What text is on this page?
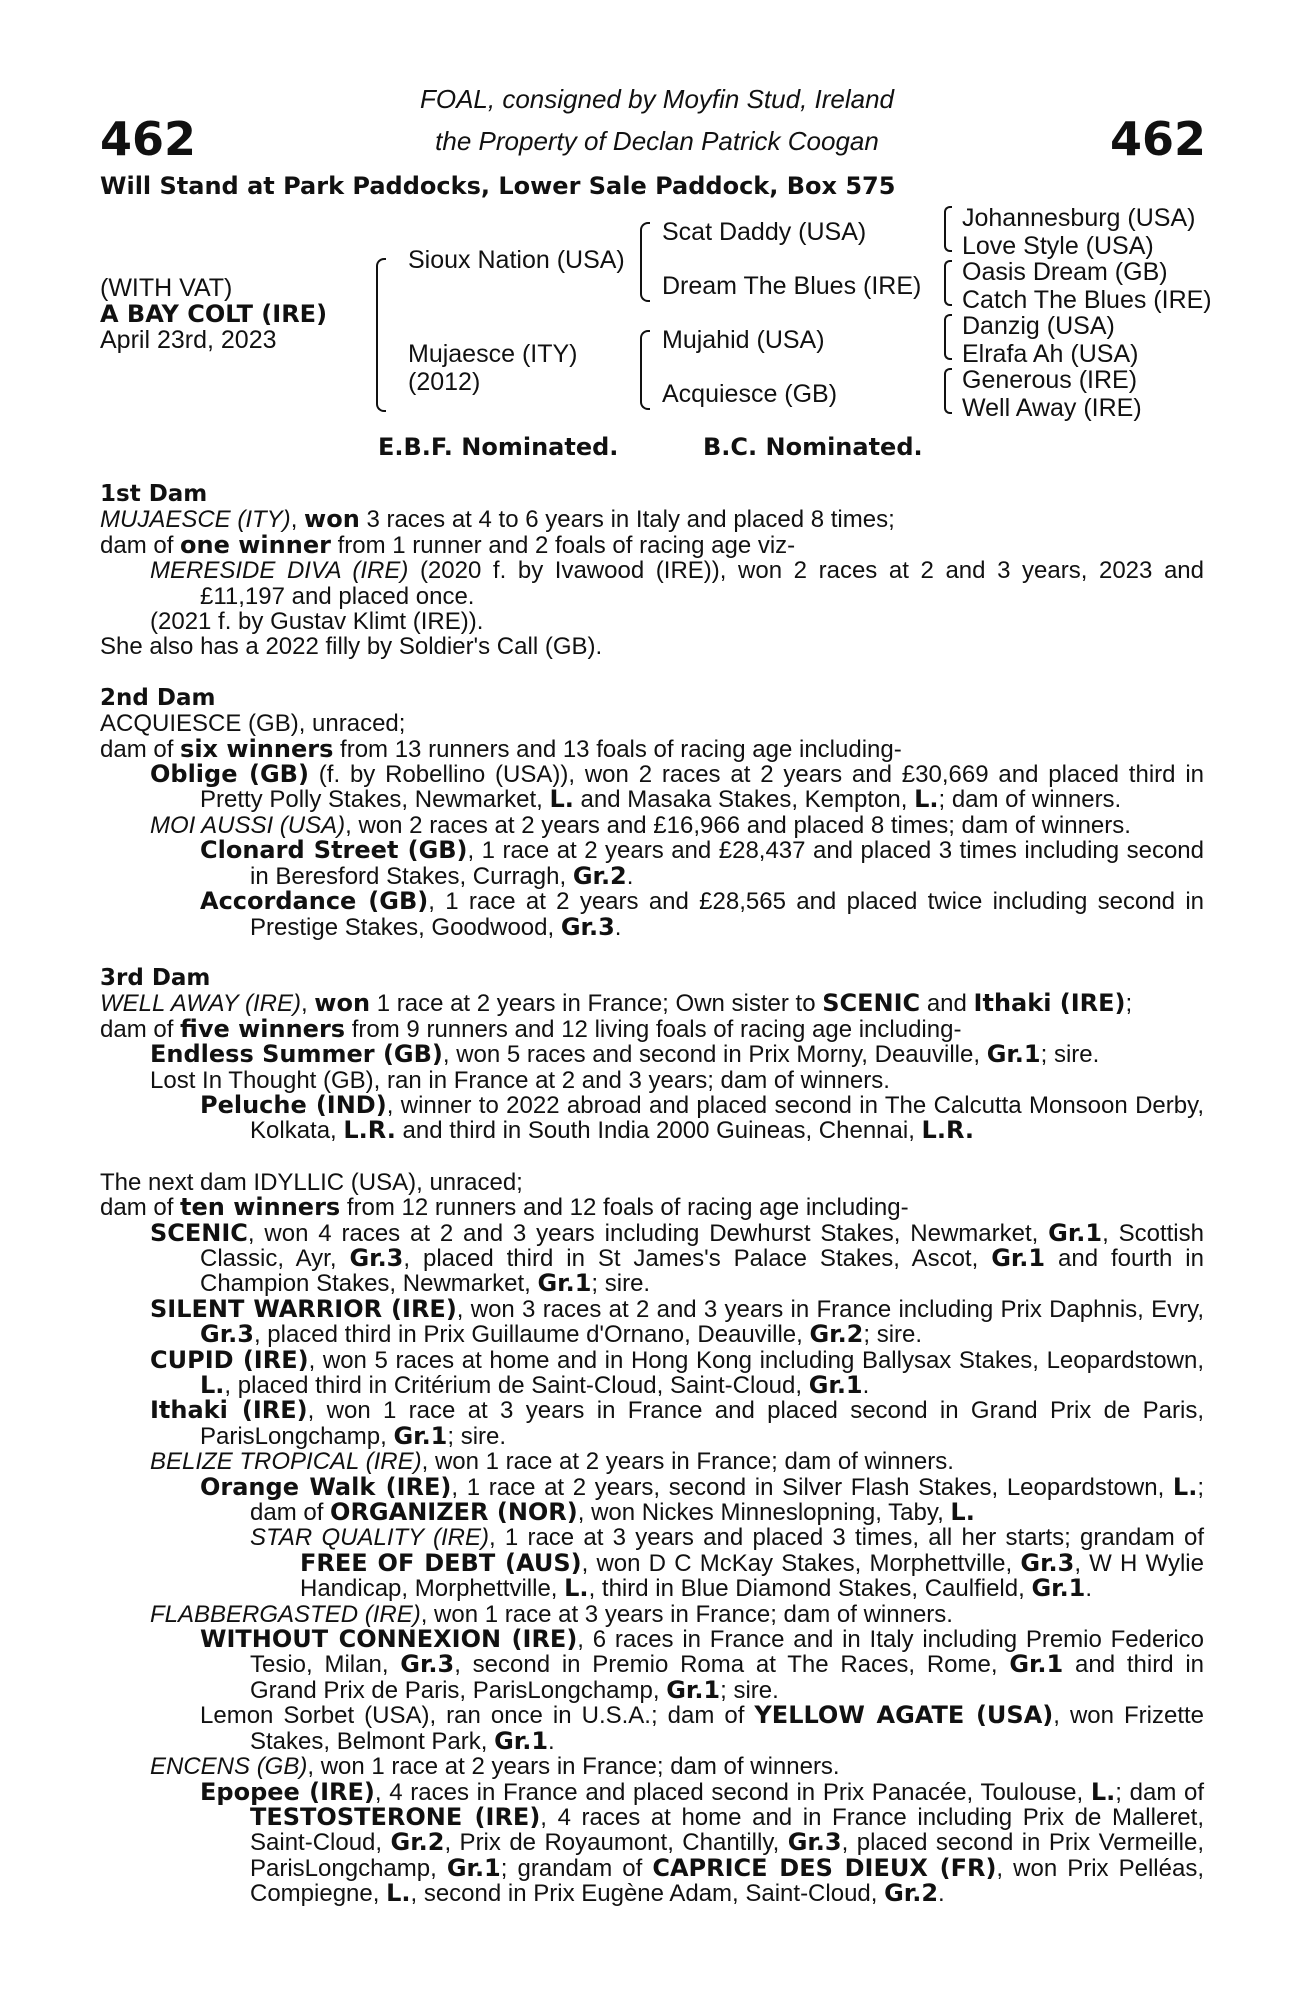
462	462
FOAL, consigned by Moyfin Stud, Ireland
the Property of Declan Patrick Coogan
Will Stand at Park Paddocks, Lower Sale Paddock, Box 575
(WITH VAT)
A BAY COLT (IRE)
April 23rd, 2023
Sioux Nation (USA)
Mujaesce (ITY)
(2012)
Scat Daddy (USA)
Dream The Blues (IRE)
Mujahid (USA)
Acquiesce (GB)
Johannesburg (USA)
Love Style (USA)
Oasis Dream (GB)
Catch The Blues (IRE)
Danzig (USA)
Elrafa Ah (USA)
Generous (IRE)
Well Away (IRE)
E.B.F. Nominated.	B.C. Nominated.

1st Dam

MUJAESCE (ITY), won 3 races at 4 to 6 years in Italy and placed 8 times;

dam of one winner from 1 runner and 2 foals of racing age viz-

MERESIDE DIVA (IRE) (2020 f. by Ivawood (IRE)), won 2 races at 2 and 3 years, 2023 and £11,197 and placed once.

(2021 f. by Gustav Klimt (IRE)).

She also has a 2022 filly by Soldier's Call (GB).

2nd Dam

ACQUIESCE (GB), unraced;

dam of six winners from 13 runners and 13 foals of racing age including-

Oblige (GB) (f. by Robellino (USA)), won 2 races at 2 years and £30,669 and placed third in Pretty Polly Stakes, Newmarket, L. and Masaka Stakes, Kempton, L.; dam of winners.

MOI AUSSI (USA), won 2 races at 2 years and £16,966 and placed 8 times; dam of winners.

Clonard Street (GB), 1 race at 2 years and £28,437 and placed 3 times including second in Beresford Stakes, Curragh, Gr.2.

Accordance (GB), 1 race at 2 years and £28,565 and placed twice including second in Prestige Stakes, Goodwood, Gr.3.

3rd Dam

WELL AWAY (IRE), won 1 race at 2 years in France; Own sister to SCENIC and Ithaki (IRE);

dam of five winners from 9 runners and 12 living foals of racing age including-

Endless Summer (GB), won 5 races and second in Prix Morny, Deauville, Gr.1; sire.

Lost In Thought (GB), ran in France at 2 and 3 years; dam of winners.

Peluche (IND), winner to 2022 abroad and placed second in The Calcutta Monsoon Derby, Kolkata, L.R. and third in South India 2000 Guineas, Chennai, L.R.

The next dam IDYLLIC (USA), unraced;

dam of ten winners from 12 runners and 12 foals of racing age including-

SCENIC, won 4 races at 2 and 3 years including Dewhurst Stakes, Newmarket, Gr.1, Scottish Classic, Ayr, Gr.3, placed third in St James's Palace Stakes, Ascot, Gr.1 and fourth in Champion Stakes, Newmarket, Gr.1; sire.

SILENT WARRIOR (IRE), won 3 races at 2 and 3 years in France including Prix Daphnis, Evry, Gr.3, placed third in Prix Guillaume d'Ornano, Deauville, Gr.2; sire.

CUPID (IRE), won 5 races at home and in Hong Kong including Ballysax Stakes, Leopardstown, L., placed third in Critérium de Saint-Cloud, Saint-Cloud, Gr.1.

Ithaki (IRE), won 1 race at 3 years in France and placed second in Grand Prix de Paris, ParisLongchamp, Gr.1; sire.

BELIZE TROPICAL (IRE), won 1 race at 2 years in France; dam of winners.

Orange Walk (IRE), 1 race at 2 years, second in Silver Flash Stakes, Leopardstown, L.; dam of ORGANIZER (NOR), won Nickes Minneslopning, Taby, L.

STAR QUALITY (IRE), 1 race at 3 years and placed 3 times, all her starts; grandam of FREE OF DEBT (AUS), won D C McKay Stakes, Morphettville, Gr.3, W H Wylie Handicap, Morphettville, L., third in Blue Diamond Stakes, Caulfield, Gr.1.

FLABBERGASTED (IRE), won 1 race at 3 years in France; dam of winners.

WITHOUT CONNEXION (IRE), 6 races in France and in Italy including Premio Federico Tesio, Milan, Gr.3, second in Premio Roma at The Races, Rome, Gr.1 and third in Grand Prix de Paris, ParisLongchamp, Gr.1; sire.

Lemon Sorbet (USA), ran once in U.S.A.; dam of YELLOW AGATE (USA), won Frizette Stakes, Belmont Park, Gr.1.

ENCENS (GB), won 1 race at 2 years in France; dam of winners.

Epopee (IRE), 4 races in France and placed second in Prix Panacée, Toulouse, L.; dam of TESTOSTERONE (IRE), 4 races at home and in France including Prix de Malleret, Saint-Cloud, Gr.2, Prix de Royaumont, Chantilly, Gr.3, placed second in Prix Vermeille, ParisLongchamp, Gr.1; grandam of CAPRICE DES DIEUX (FR), won Prix Pelléas, Compiegne, L., second in Prix Eugène Adam, Saint-Cloud, Gr.2.
